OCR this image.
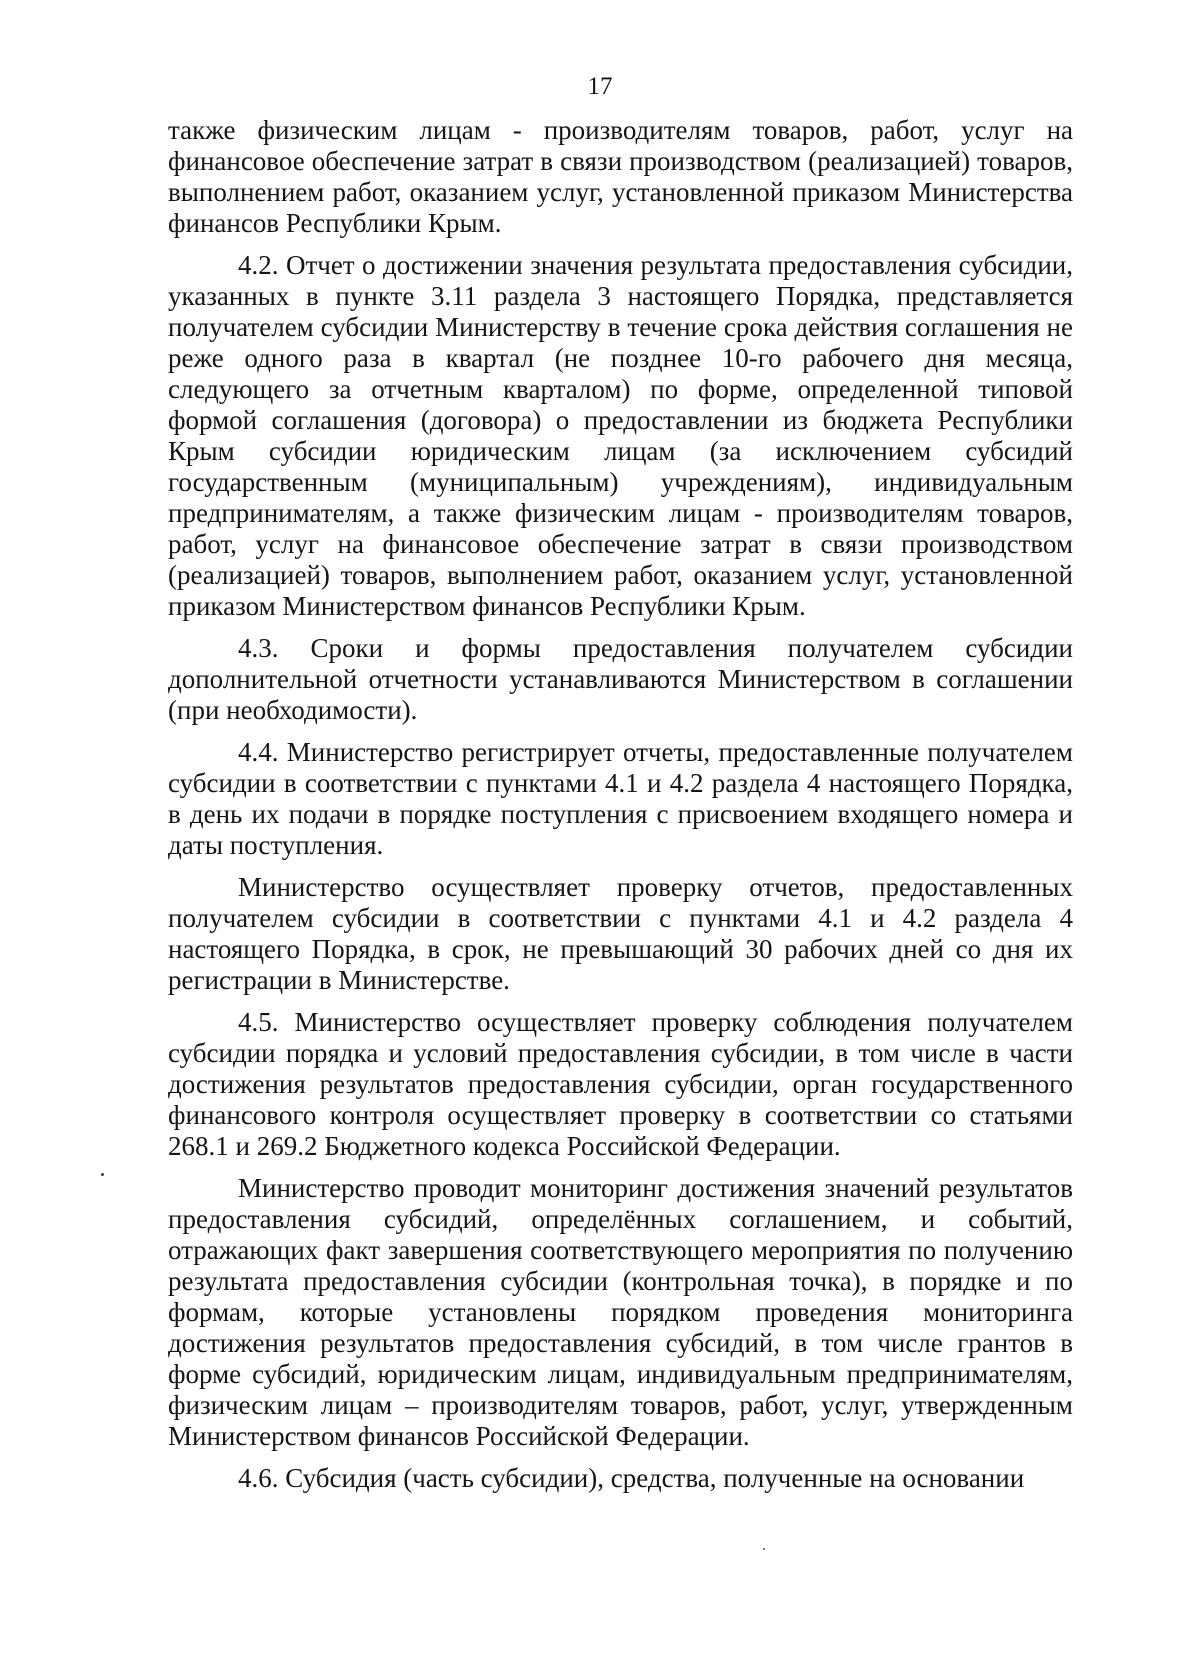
17

также физическим лицам - производителям товаров, работ, услуг на финансовое обеспечение затрат в связи производством (реализацией) товаров, выполнением работ, оказанием услуг, установленной приказом Министерства финансов Республики Крым.

4.2. Отчет о достижении значения результата предоставления субсидии, указанных в пункте 3.11 раздела 3 настоящего Порядка, представляется получателем субсидии Министерству в течение срока действия соглашения не реже одного раза в квартал (не позднее 10-го рабочего дня месяца, следующего за отчетным кварталом) по форме, определенной типовой формой соглашения (договора) о предоставлении из бюджета Республики Крым субсидии юридическим лицам (за исключением субсидий государственным (муниципальным) учреждениям), индивидуальным предпринимателям, а также физическим лицам - производителям товаров, работ, услуг на финансовое обеспечение затрат в связи производством (реализацией) товаров, выполнением работ, оказанием услуг, установленной приказом Министерством финансов Республики Крым.

4.3. Сроки и формы предоставления получателем субсидии дополнительной отчетности устанавливаются Министерством в соглашении (при необходимости).

4.4. Министерство регистрирует отчеты, предоставленные получателем субсидии в соответствии с пунктами 4.1 и 4.2 раздела 4 настоящего Порядка, в день их подачи в порядке поступления с присвоением входящего номера и даты поступления.

Министерство осуществляет проверку отчетов, предоставленных получателем субсидии в соответствии с пунктами 4.1 и 4.2 раздела 4 настоящего Порядка, в срок, не превышающий 30 рабочих дней со дня их регистрации в Министерстве.

4.5. Министерство осуществляет проверку соблюдения получателем субсидии порядка и условий предоставления субсидии, в том числе в части достижения результатов предоставления субсидии, орган государственного финансового контроля осуществляет проверку в соответствии со статьями 268.1 и 269.2 Бюджетного кодекса Российской Федерации.

Министерство проводит мониторинг достижения значений результатов предоставления субсидий, определённых соглашением, и событий, отражающих факт завершения соответствующего мероприятия по получению результата предоставления субсидии (контрольная точка), в порядке и по формам, которые установлены порядком проведения мониторинга достижения результатов предоставления субсидий, в том числе грантов в форме субсидий, юридическим лицам, индивидуальным предпринимателям, физическим лицам – производителям товаров, работ, услуг, утвержденным Министерством финансов Российской Федерации.

4.6. Субсидия (часть субсидии), средства, полученные на основании
